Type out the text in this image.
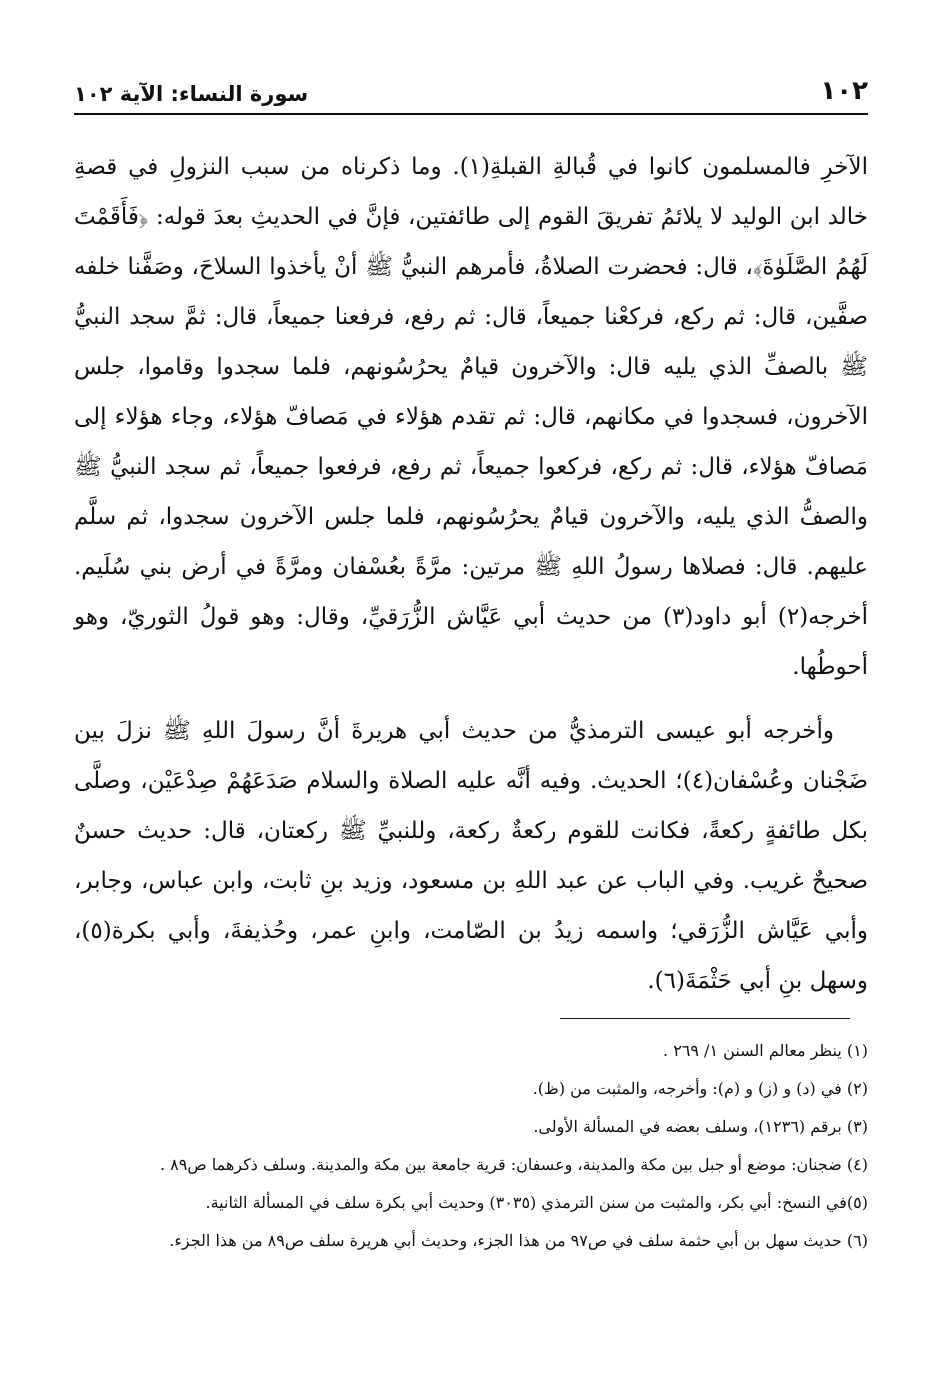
١٠٢
سورة النساء: الآية ١٠٢

الآخرِ فالمسلمون كانوا في قُبالةِ القبلةِ(١). وما ذكرناه من سبب النزولِ في قصةِ خالد ابن الوليد لا يلائمُ تفريقَ القوم إلى طائفتين، فإنَّ في الحديثِ بعدَ قوله: ﴿فَأَقَمْتَ لَهُمُ الصَّلَوٰةَ﴾، قال: فحضرت الصلاةُ، فأمرهم النبيُّ ﷺ أنْ يأخذوا السلاحَ، وصَفَّنا خلفه صفَّين، قال: ثم ركع، فركعْنا جميعاً، قال: ثم رفع، فرفعنا جميعاً، قال: ثمَّ سجد النبيُّ ﷺ بالصفِّ الذي يليه قال: والآخرون قيامٌ يحرُسُونهم، فلما سجدوا وقاموا، جلس الآخرون، فسجدوا في مكانهم، قال: ثم تقدم هؤلاء في مَصافّ هؤلاء، وجاء هؤلاء إلى مَصافّ هؤلاء، قال: ثم ركع، فركعوا جميعاً، ثم رفع، فرفعوا جميعاً، ثم سجد النبيُّ ﷺ والصفُّ الذي يليه، والآخرون قيامٌ يحرُسُونهم، فلما جلس الآخرون سجدوا، ثم سلَّم عليهم. قال: فصلاها رسولُ اللهِ ﷺ مرتين: مرَّةً بعُسْفان ومرَّةً في أرض بني سُلَيم. أخرجه(٢) أبو داود(٣) من حديث أبي عَيَّاش الزُّرَقيِّ، وقال: وهو قولُ الثوريّ، وهو أحوطُها.

وأخرجه أبو عيسى الترمذيُّ من حديث أبي هريرةَ أنَّ رسولَ اللهِ ﷺ نزلَ بين ضَجْنان وعُسْفان(٤)؛ الحديث. وفيه أنَّه عليه الصلاة والسلام صَدَعَهُمْ صِدْعَيْن، وصلَّى بكل طائفةٍ ركعةً، فكانت للقوم ركعةٌ ركعة، وللنبيِّ ﷺ ركعتان، قال: حديث حسنٌ صحيحٌ غريب. وفي الباب عن عبد اللهِ بن مسعود، وزيد بنِ ثابت، وابن عباس، وجابر، وأبي عَيَّاش الزُّرَقي؛ واسمه زيدُ بن الصّامت، وابنِ عمر، وحُذيفةَ، وأبي بكرة(٥)، وسهل بنِ أبي حَثْمَةَ(٦).

(١) ينظر معالم السنن ١/ ٢٦٩ .

(٢) في (د) و (ز) و (م): وأخرجه، والمثبت من (ظ).

(٣) برقم (١٢٣٦)، وسلف بعضه في المسألة الأولى.

(٤) ضجنان: موضع أو جبل بين مكة والمدينة، وعسفان: قرية جامعة بين مكة والمدينة. وسلف ذكرهما ص٨٩ .

(٥)في النسخ: أبي بكر، والمثبت من سنن الترمذي (٣٠٣٥) وحديث أبي بكرة سلف في المسألة الثانية.

(٦) حديث سهل بن أبي حثمة سلف في ص٩٧ من هذا الجزء، وحديث أبي هريرة سلف ص٨٩ من هذا الجزء.
